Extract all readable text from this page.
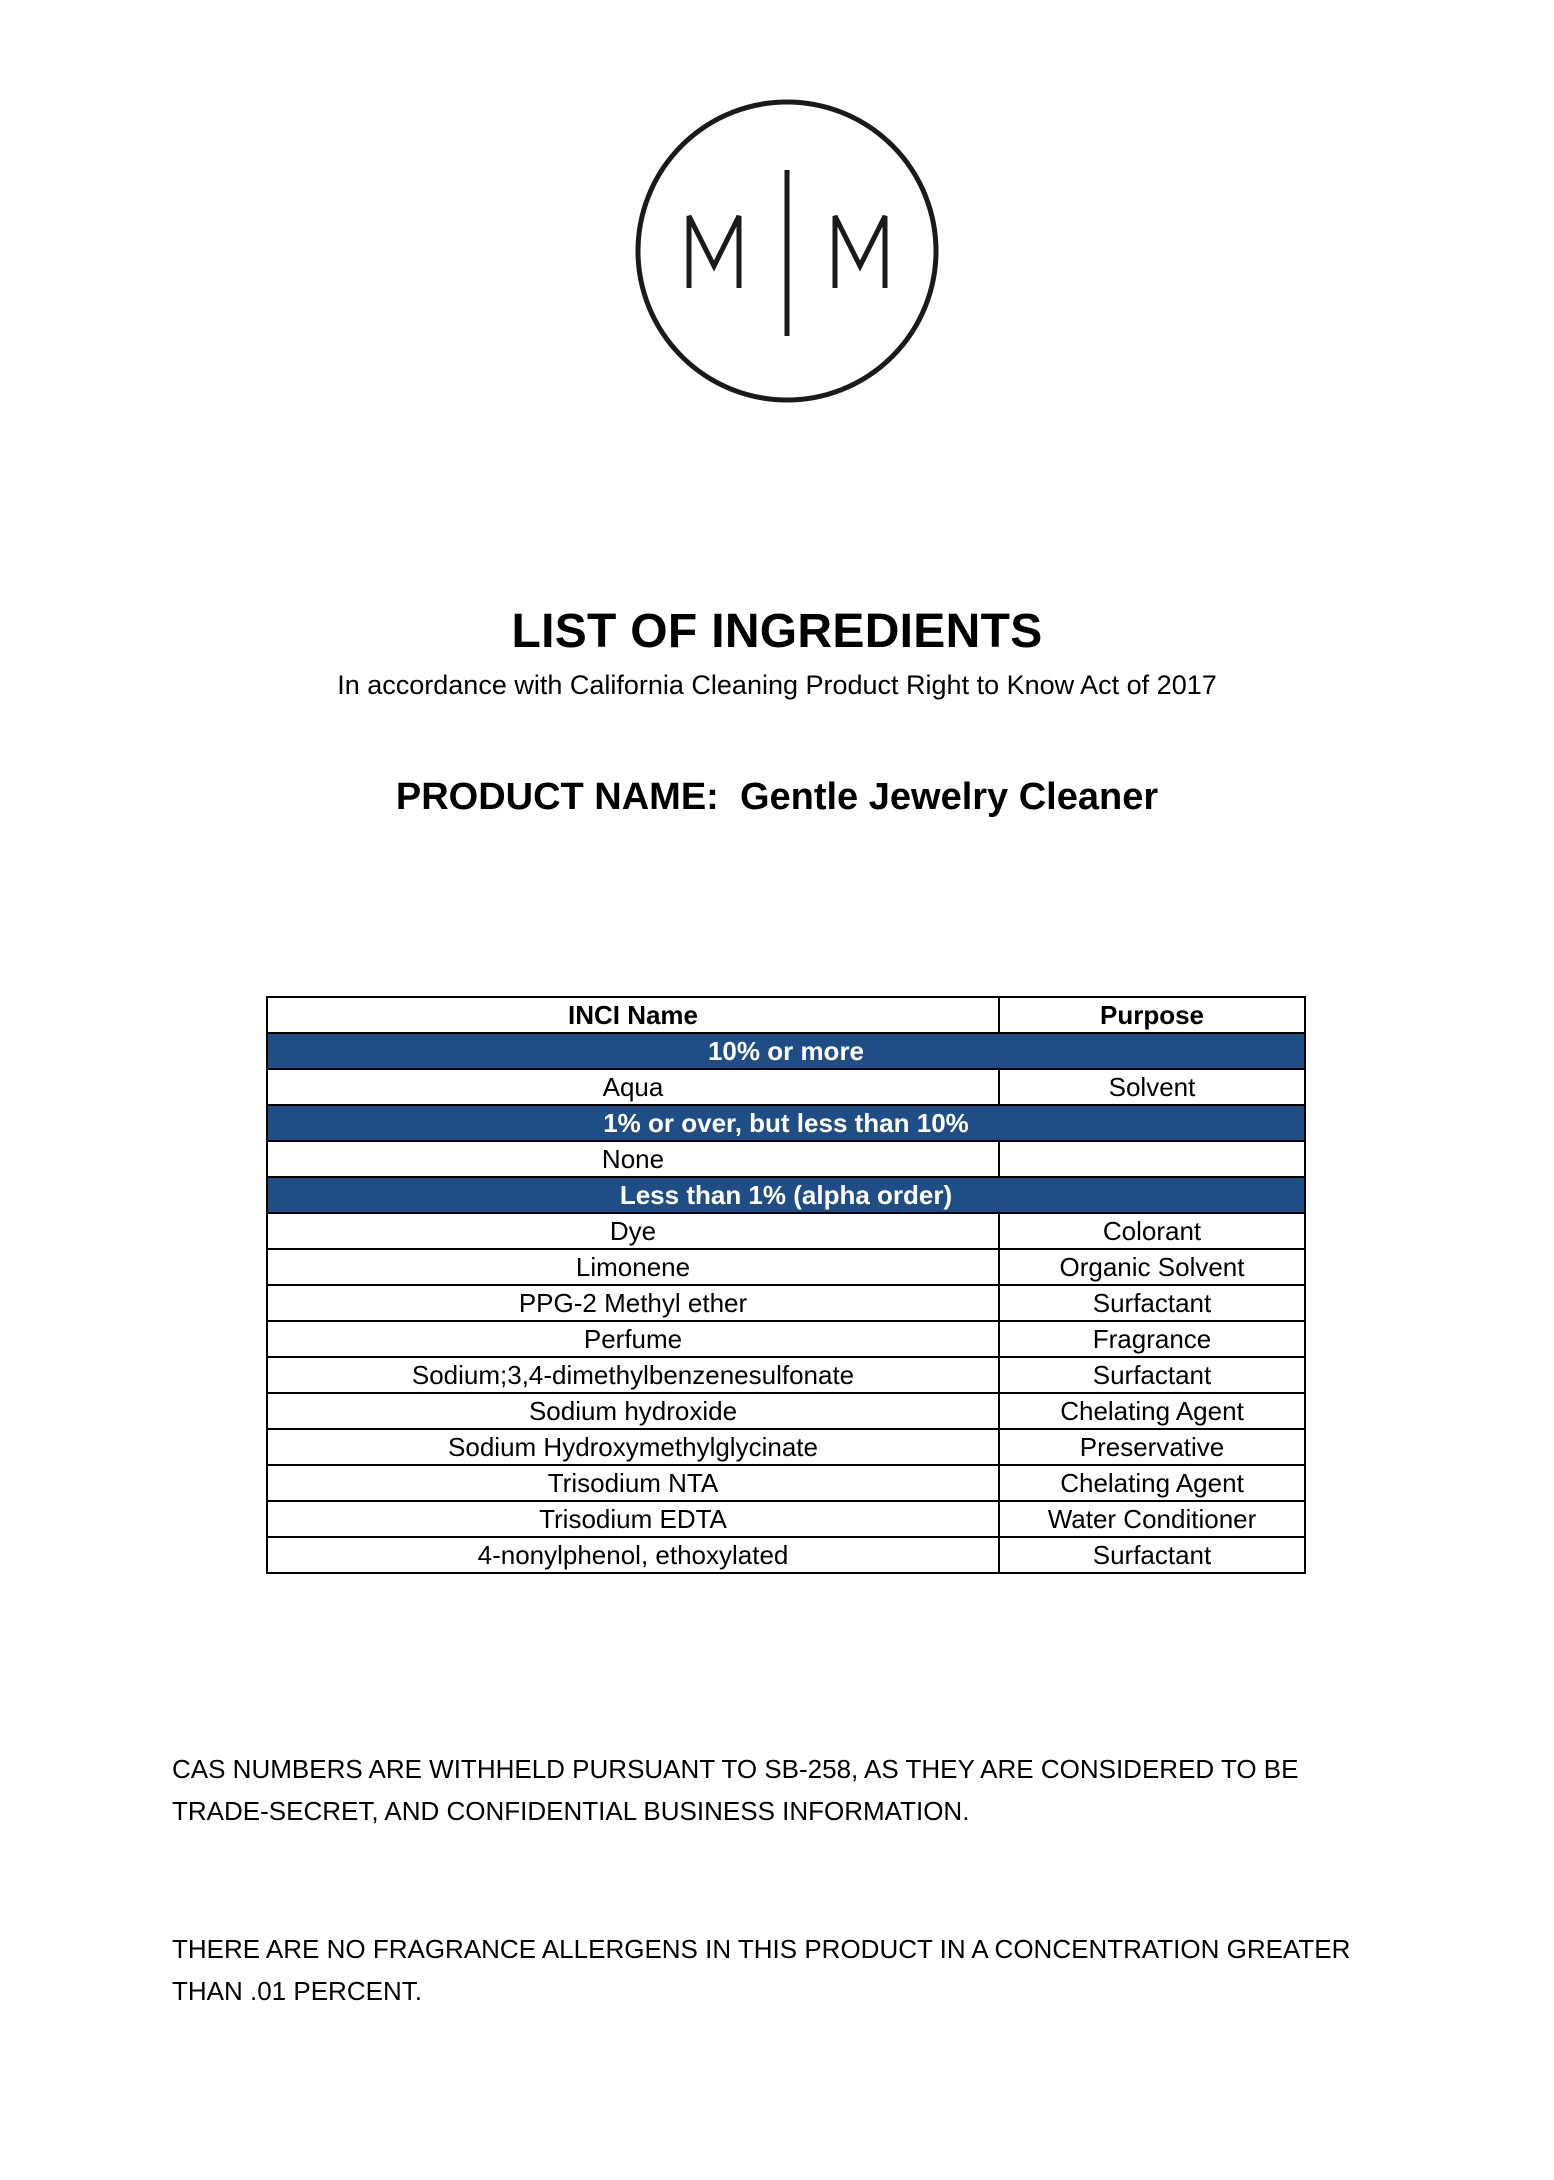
LIST OF INGREDIENTS
In accordance with California Cleaning Product Right to Know Act of 2017
PRODUCT NAME:  Gentle Jewelry Cleaner
INCI Name	Purpose
10% or more	
Aqua	Solvent
1% or over, but less than 10%	
None	
Less than 1% (alpha order)	
Dye	Colorant
Limonene	Organic Solvent
PPG-2 Methyl ether	Surfactant
Perfume	Fragrance
Sodium;3,4-dimethylbenzenesulfonate	Surfactant
Sodium hydroxide	Chelating Agent
Sodium Hydroxymethylglycinate	Preservative
Trisodium NTA	Chelating Agent
Trisodium EDTA	Water Conditioner
4-nonylphenol, ethoxylated	Surfactant

CAS NUMBERS ARE WITHHELD PURSUANT TO SB-258, AS THEY ARE CONSIDERED TO BE TRADE-SECRET, AND CONFIDENTIAL BUSINESS INFORMATION.

THERE ARE NO FRAGRANCE ALLERGENS IN THIS PRODUCT IN A CONCENTRATION GREATER THAN .01 PERCENT.
